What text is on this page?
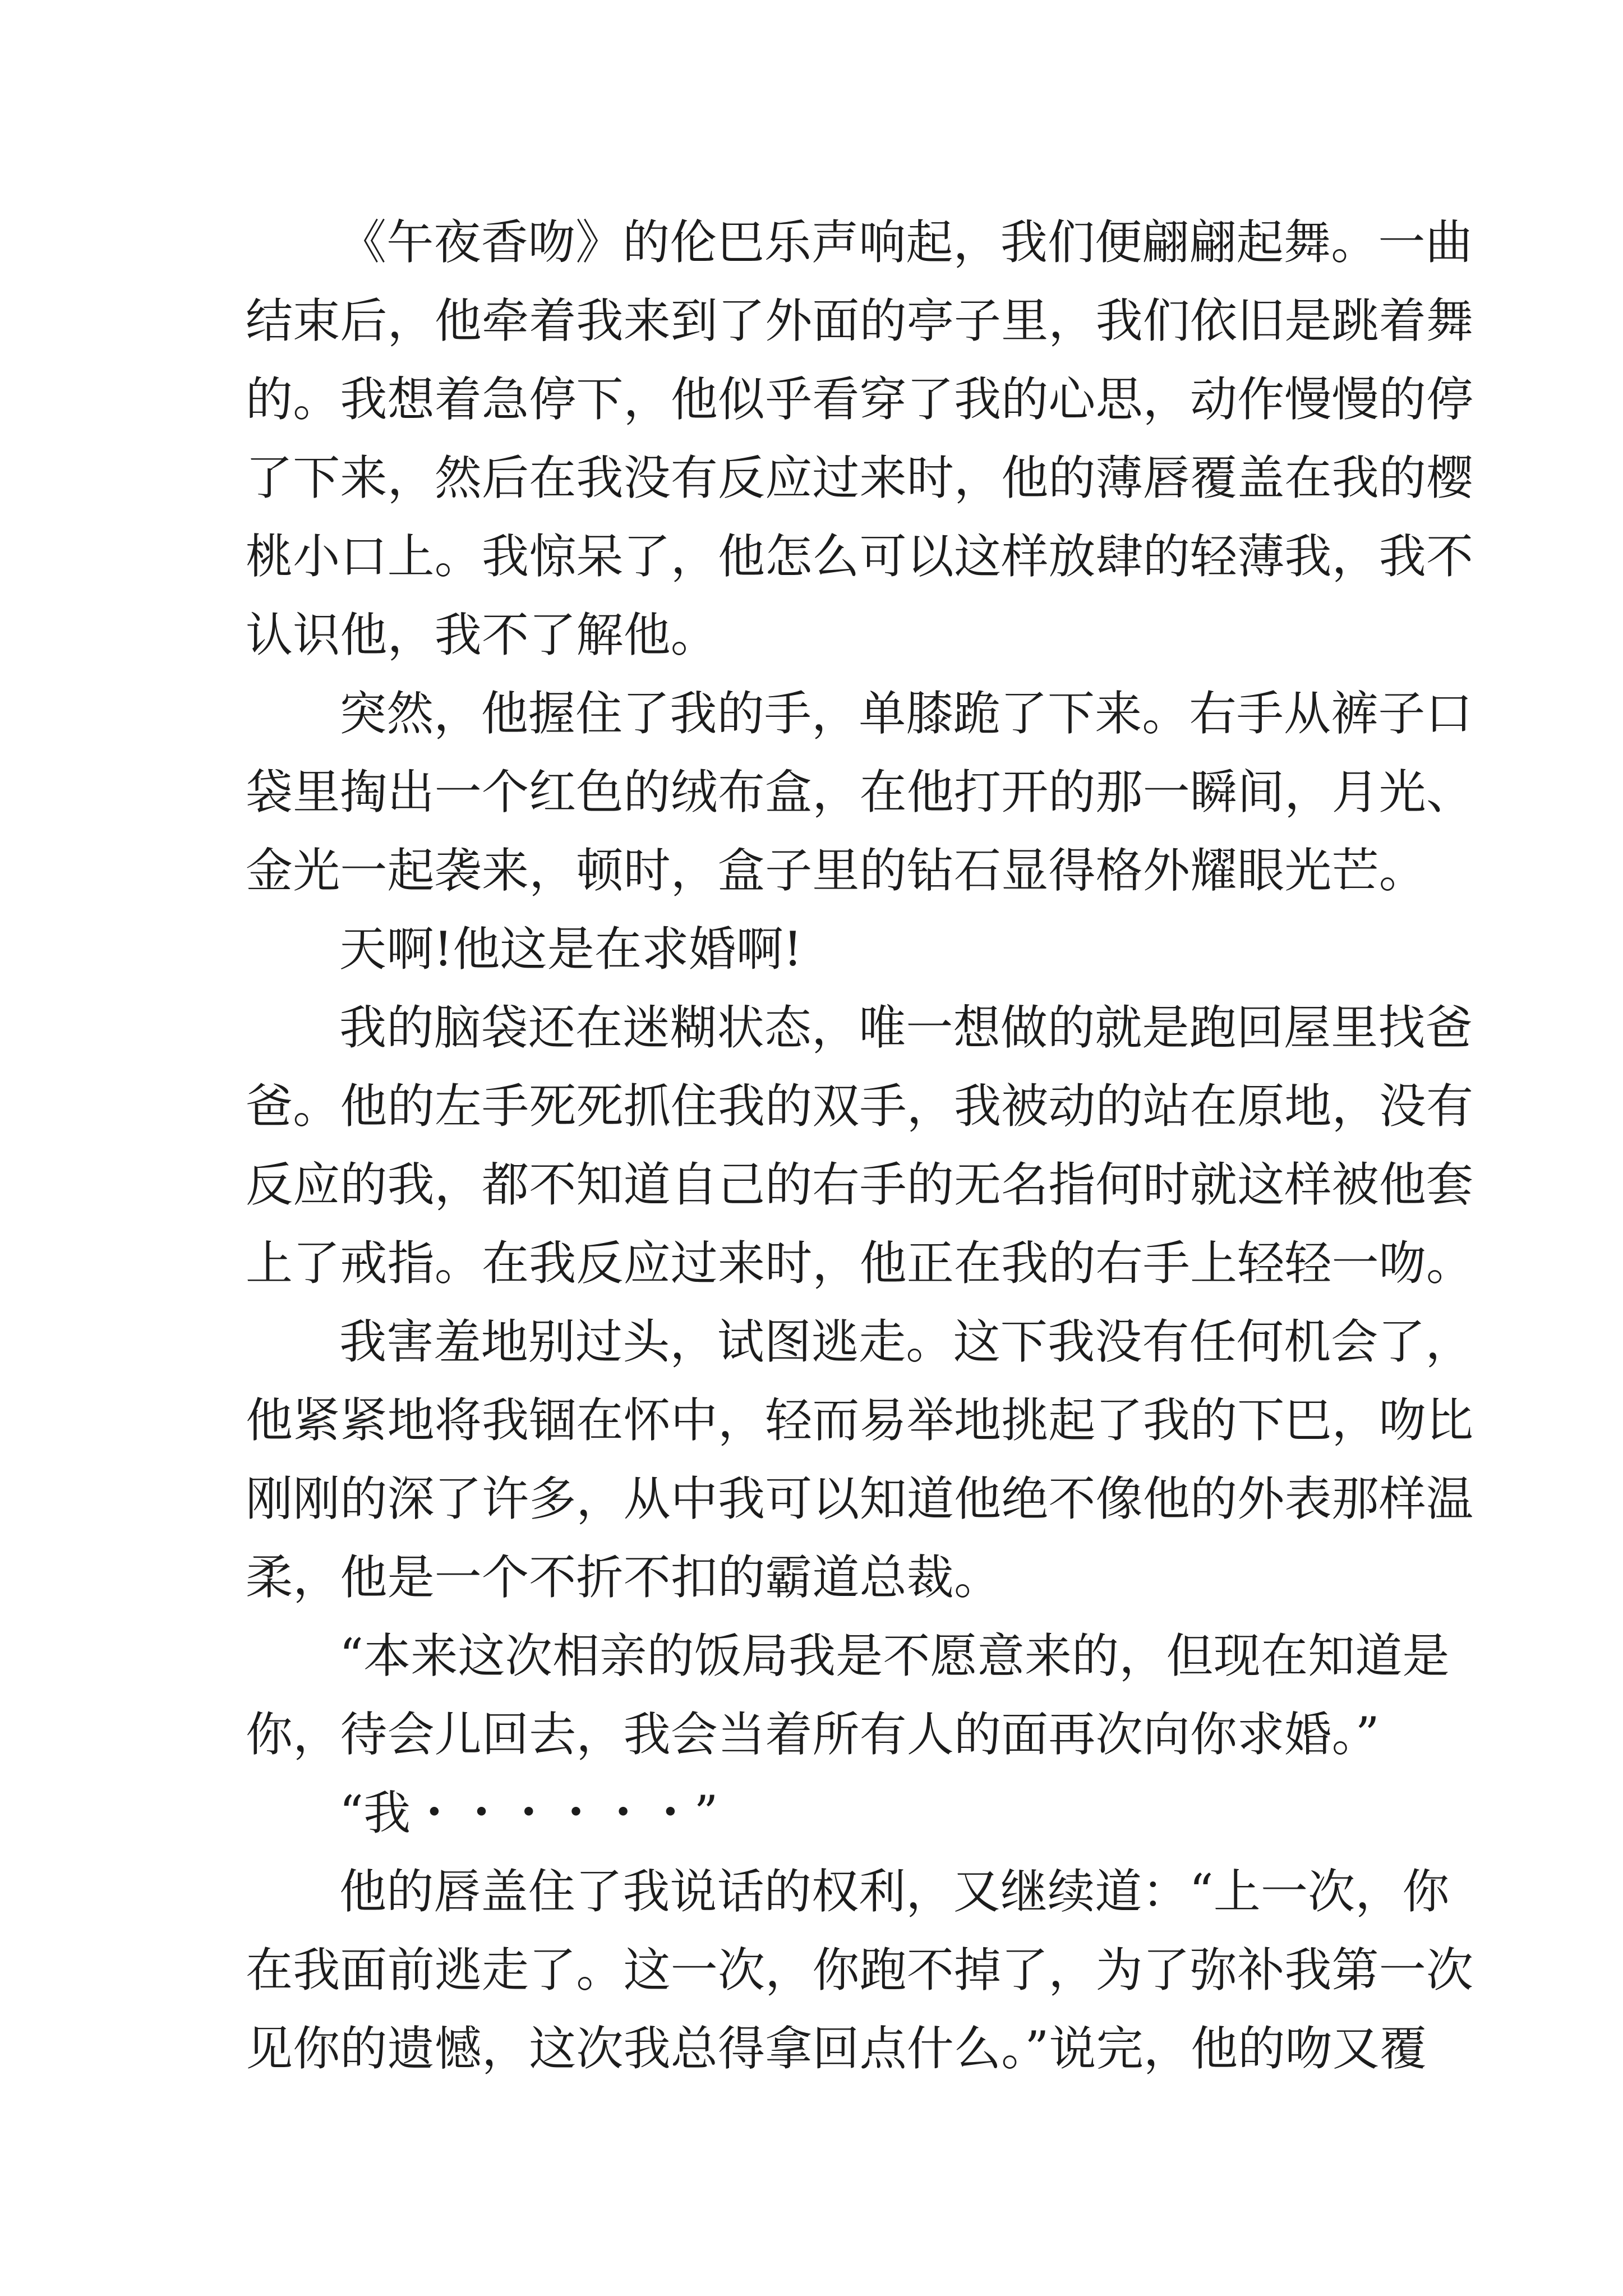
《午夜香吻》的伦巴乐声响起，我们便翩翩起舞。一曲

结束后，他牵着我来到了外面的亭子里，我们依旧是跳着舞

的。我想着急停下，他似乎看穿了我的心思，动作慢慢的停

了下来，然后在我没有反应过来时，他的薄唇覆盖在我的樱

桃小口上。我惊呆了，他怎么可以这样放肆的轻薄我，我不

认识他，我不了解他。

突然，他握住了我的手，单膝跪了下来。右手从裤子口

袋里掏出一个红色的绒布盒，在他打开的那一瞬间，月光、

金光一起袭来，顿时，盒子里的钻石显得格外耀眼光芒。

天啊!他这是在求婚啊!

我的脑袋还在迷糊状态，唯一想做的就是跑回屋里找爸

爸。他的左手死死抓住我的双手，我被动的站在原地，没有

反应的我，都不知道自己的右手的无名指何时就这样被他套

上了戒指。在我反应过来时，他正在我的右手上轻轻一吻。

我害羞地别过头，试图逃走。这下我没有任何机会了，

他紧紧地将我锢在怀中，轻而易举地挑起了我的下巴，吻比

刚刚的深了许多，从中我可以知道他绝不像他的外表那样温

柔，他是一个不折不扣的霸道总裁。

“本来这次相亲的饭局我是不愿意来的，但现在知道是

你，待会儿回去，我会当着所有人的面再次向你求婚。”

“我・・・・・・”

他的唇盖住了我说话的权利，又继续道：“上一次，你

在我面前逃走了。这一次，你跑不掉了，为了弥补我第一次

见你的遗憾，这次我总得拿回点什么。”说完，他的吻又覆
